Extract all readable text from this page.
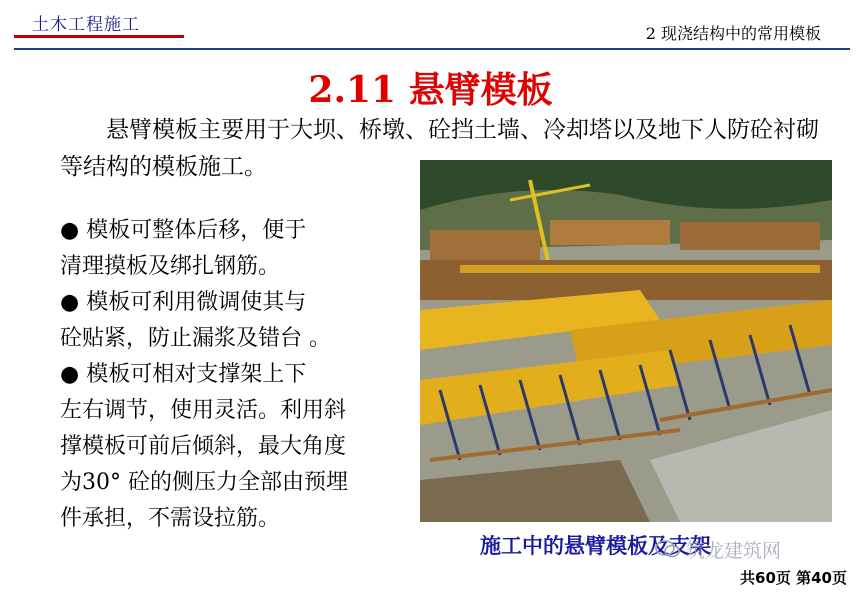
土木工程施工	2 现浇结构中的常用模板
2.11 悬臂模板
悬臂模板主要用于大坝、桥墩、砼挡土墙、冷却塔以及地下人防砼衬砌等结构的模板施工。
● 模板可整体后移，便于
清理摸板及绑扎钢筋。
● 模板可利用微调使其与
砼贴紧，防止漏浆及错台 。
● 模板可相对支撑架上下
左右调节，使用灵活。利用斜
撑模板可前后倾斜，最大角度
为30° 砼的侧压力全部由预埋
件承担，不需设拉筋。
施工中的悬臂模板及支架
筑龙建筑网
共60页 第40页
